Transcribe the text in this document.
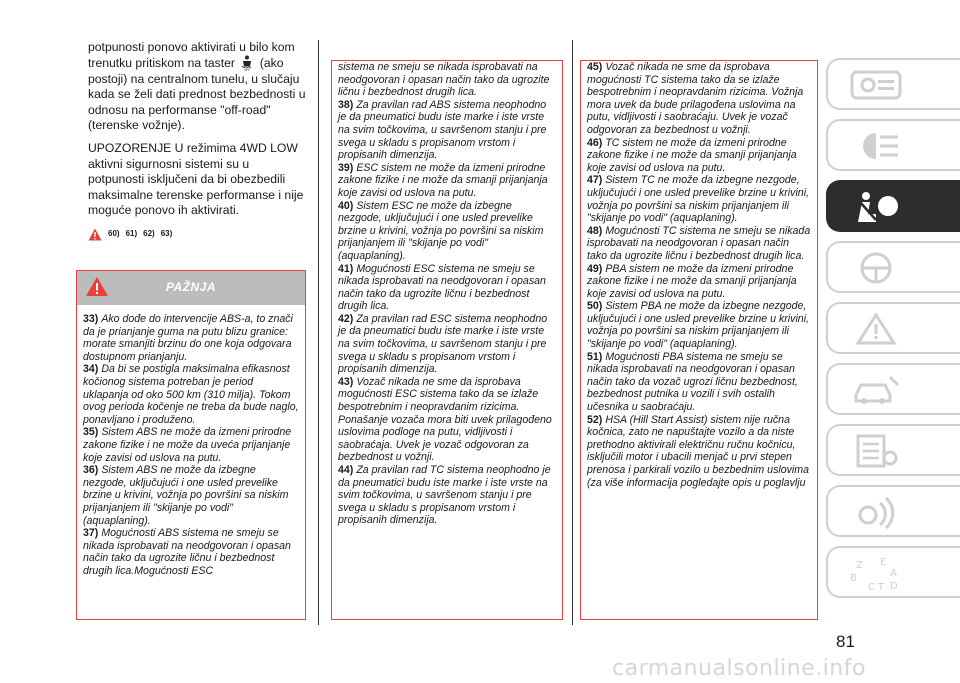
potpunosti ponovo aktivirati u bilo kom trenutku pritiskom na taster	OFF (ako postoji) na centralnom tunelu, u slučaju kada se želi dati prednost bezbednosti u odnosu na performanse "off-road" (terenske vožnje).

UPOZORENJE U režimima 4WD LOW aktivni sigurnosni sistemi su u potpunosti isključeni da bi obezbedili maksimalne terenske performanse i nije moguće ponovo ih aktivirati.

60) 61) 62) 63)
PAŽNJA

33) Ako dođe do intervencije ABS-a, to znači da je prianjanje guma na putu blizu granice: morate smanjiti brzinu do one koja odgovara dostupnom prianjanju.

34) Da bi se postigla maksimalna efikasnost kočionog sistema potreban je period uklapanja od oko 500 km (310 milja). Tokom ovog perioda kočenje ne treba da bude naglo, ponavljano i produženo.

35) Sistem ABS ne može da izmeni prirodne zakone fizike i ne može da uveća prijanjanje koje zavisi od uslova na putu.

36) Sistem ABS ne može da izbegne nezgode, uključujući i one usled prevelike brzine u krivini, vožnja po površini sa niskim prijanjanjem ili "skijanje po vodi" (aquaplaning).

37) Mogućnosti ABS sistema ne smeju se nikada isprobavati na neodgovoran i opasan način tako da ugrozite ličnu i bezbednost drugih lica.Mogućnosti ESC

sistema ne smeju se nikada isprobavati na neodgovoran i opasan način tako da ugrozite ličnu i bezbednost drugih lica.

38) Za pravilan rad ABS sistema neophodno je da pneumatici budu iste marke i iste vrste na svim točkovima, u savršenom stanju i pre svega u skladu s propisanom vrstom i propisanih dimenzija.

39) ESC sistem ne može da izmeni prirodne zakone fizike i ne može da smanji prijanjanja koje zavisi od uslova na putu.

40) Sistem ESC ne može da izbegne nezgode, uključujući i one usled prevelike brzine u krivini, vožnja po površini sa niskim prijanjanjem ili "skijanje po vodi" (aquaplaning).

41) Mogućnosti ESC sistema ne smeju se nikada isprobavati na neodgovoran i opasan način tako da ugrozite ličnu i bezbednost drugih lica.

42) Za pravilan rad ESC sistema neophodno je da pneumatici budu iste marke i iste vrste na svim točkovima, u savršenom stanju i pre svega u skladu s propisanom vrstom i propisanih dimenzija.

43) Vozač nikada ne sme da isprobava mogućnosti ESC sistema tako da se izlaže bespotrebnim i neopravdanim rizicima. Ponašanje vozača mora biti uvek prilagođeno uslovima podloge na putu, vidljivosti i saobraćaja. Uvek je vozač odgovoran za bezbednost u vožnji.

44) Za pravilan rad TC sistema neophodno je da pneumatici budu iste marke i iste vrste na svim točkovima, u savršenom stanju i pre svega u skladu s propisanom vrstom i propisanih dimenzija.

45) Vozač nikada ne sme da isprobava mogućnosti TC sistema tako da se izlaže bespotrebnim i neopravdanim rizicima. Vožnja mora uvek da bude prilagođena uslovima na putu, vidljivosti i saobraćaju. Uvek je vozač odgovoran za bezbednost u vožnji.

46) TC sistem ne može da izmeni prirodne zakone fizike i ne može da smanji prijanjanja koje zavisi od uslova na putu.

47) Sistem TC ne može da izbegne nezgode, uključujući i one usled prevelike brzine u krivini, vožnja po površini sa niskim prijanjanjem ili "skijanje po vodi" (aquaplaning).

48) Mogućnosti TC sistema ne smeju se nikada isprobavati na neodgovoran i opasan način tako da ugrozite ličnu i bezbednost drugih lica.

49) PBA sistem ne može da izmeni prirodne zakone fizike i ne može da smanji prijanjanja koje zavisi od uslova na putu.

50) Sistem PBA ne može da izbegne nezgode, uključujući i one usled prevelike brzine u krivini, vožnja po površini sa niskim prijanjanjem ili "skijanje po vodi" (aquaplaning).

51) Mogućnosti PBA sistema ne smeju se nikada isprobavati na neodgovoran i opasan način tako da vozač ugrozi ličnu bezbednost, bezbednost putnika u vozili i svih ostalih učesnika u saobraćaju.

52) HSA (Hill Start Assist) sistem nije ručna kočnica, zato ne napuštajte vozilo a da niste prethodno aktivirali električnu ručnu kočnicu, isključili motor i ubacili menjač u prvi stepen prenosa i parkirali vozilo u bezbednim uslovima (za više informacija pogledajte opis u poglavlju

Z E
A
B
C D
T
81
carmanualsonline.info
